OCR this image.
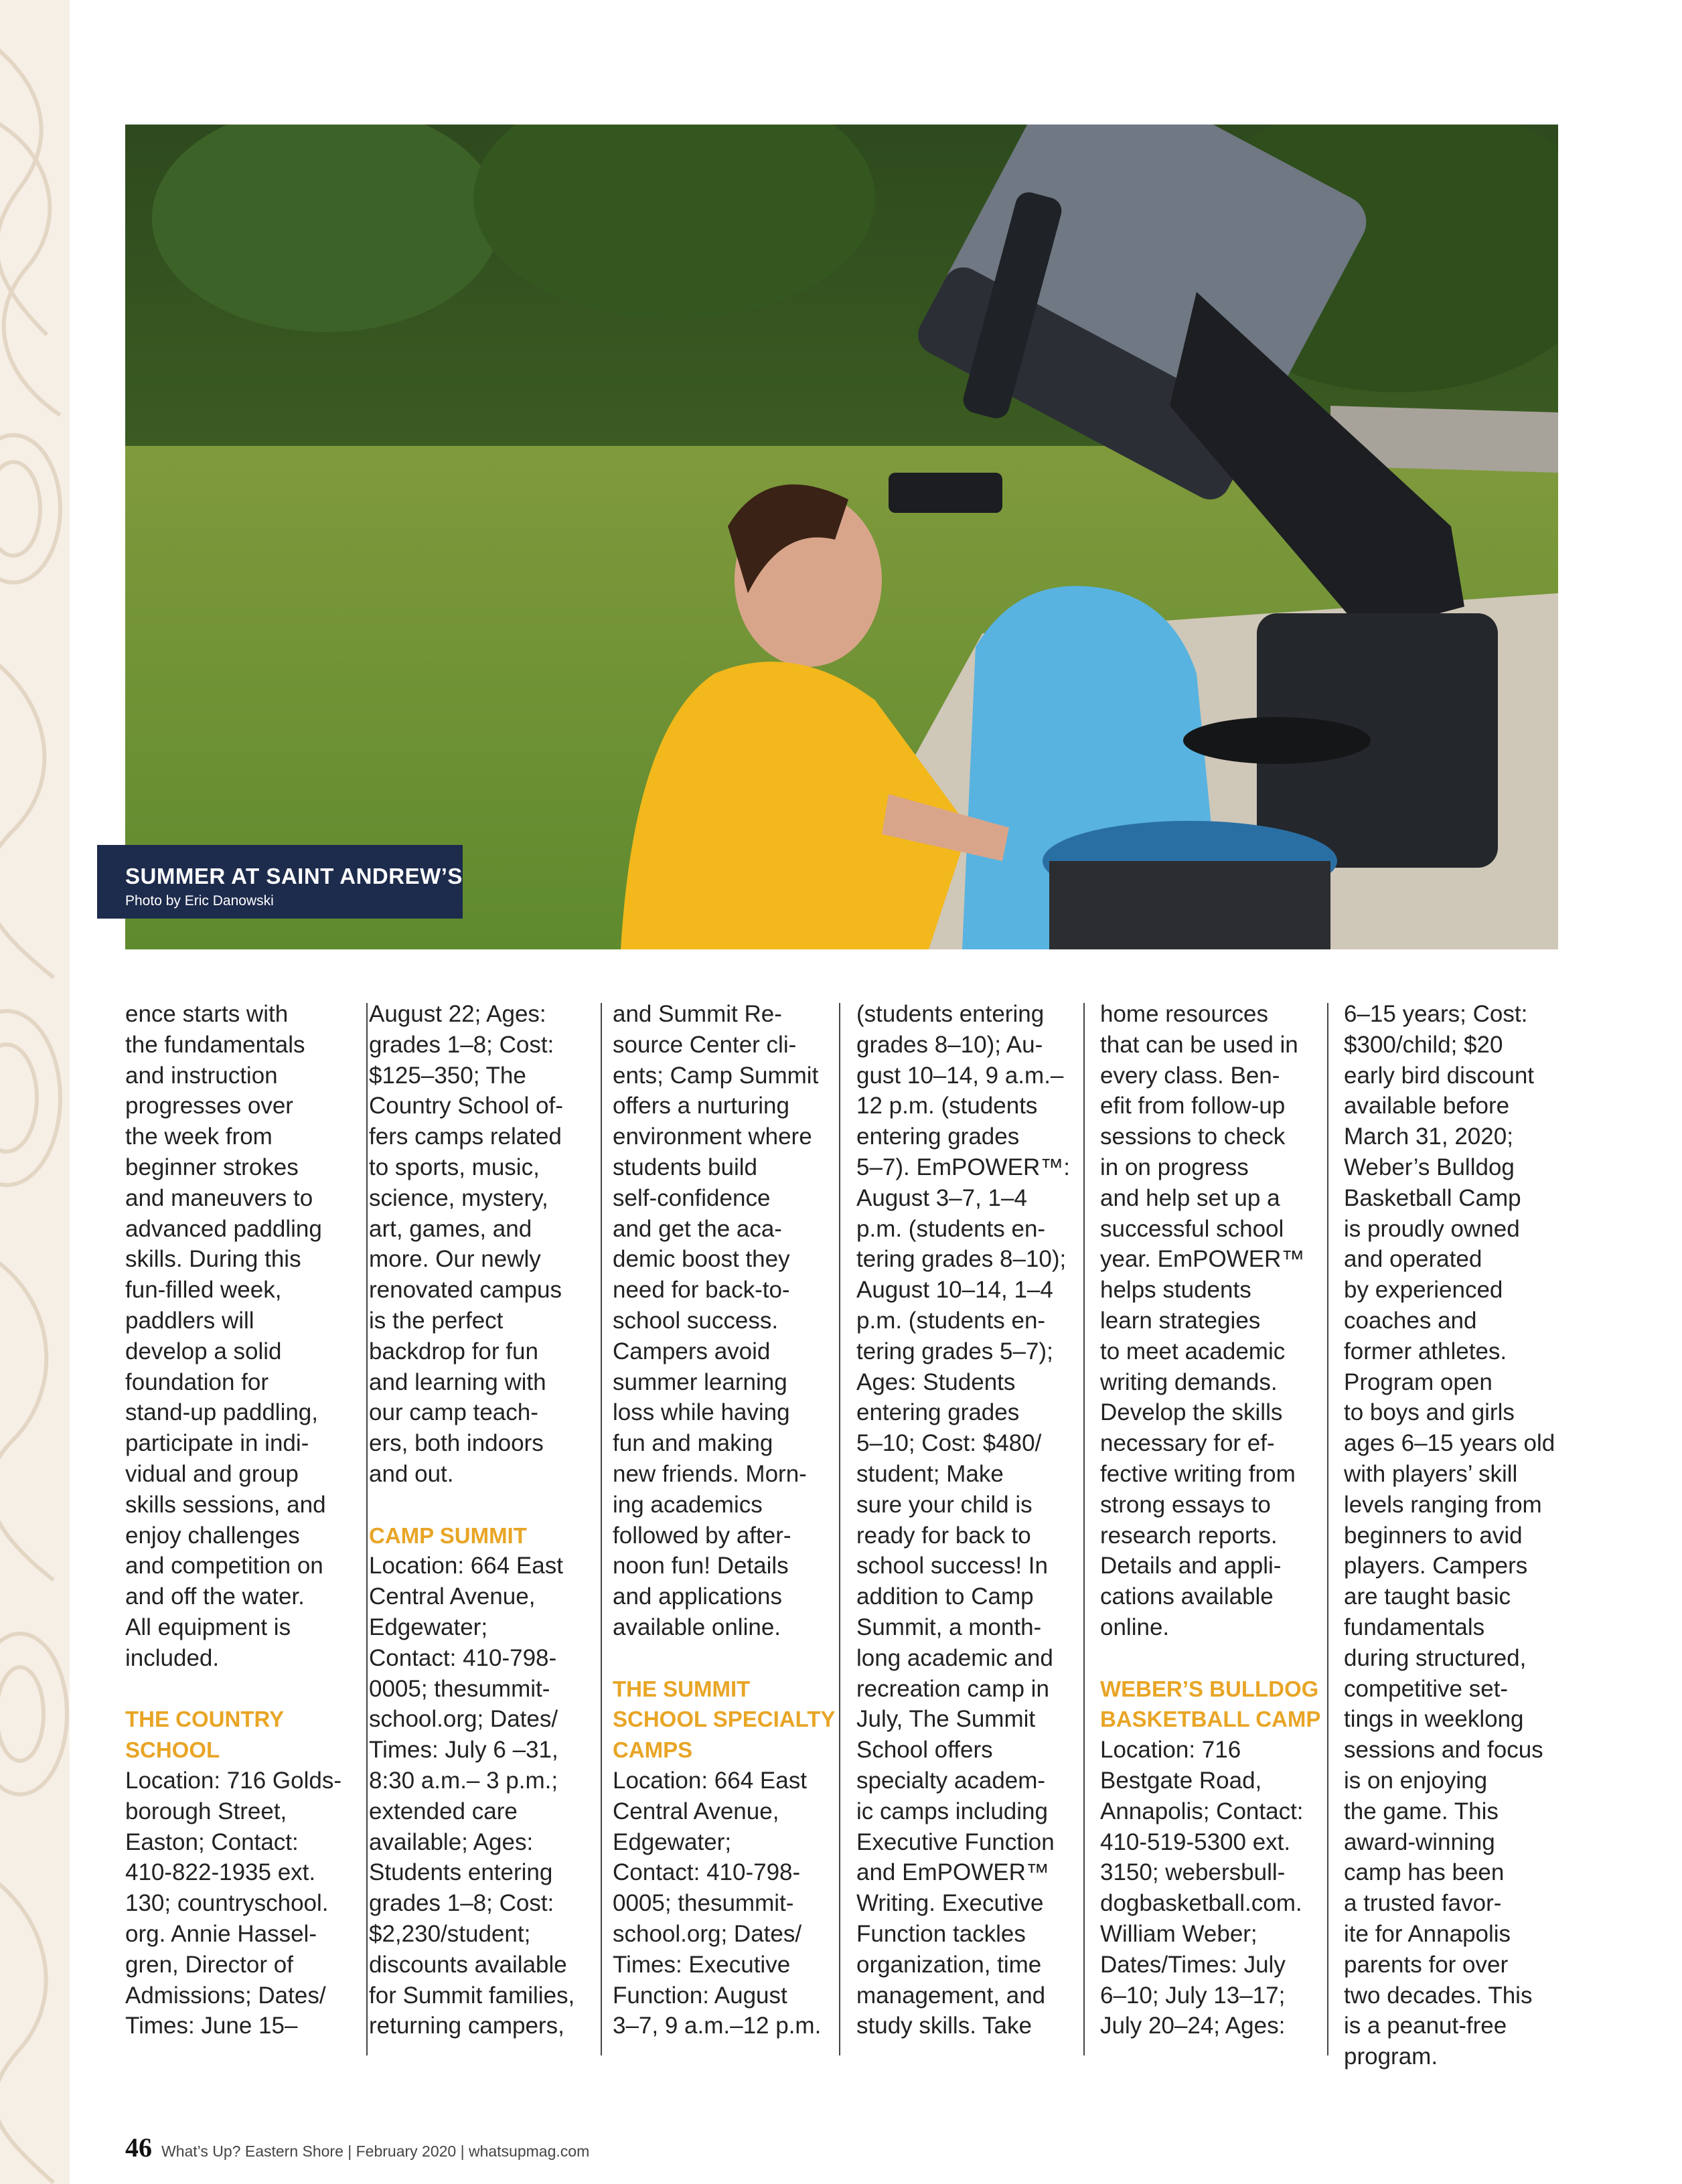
SUMMER AT SAINT ANDREW’S
Photo by Eric Danowski
ence starts with
the fundamentals
and instruction
progresses over
the week from
beginner strokes
and maneuvers to
advanced paddling
skills. During this
fun-filled week,
paddlers will
develop a solid
foundation for
stand-up paddling,
participate in indi-
vidual and group
skills sessions, and
enjoy challenges
and competition on
and off the water.
All equipment is
included.
THE COUNTRY
SCHOOL
Location: 716 Golds-
borough Street,
Easton; Contact:
410-822-1935 ext.
130; countryschool.
org. Annie Hassel-
gren, Director of
Admissions; Dates/
Times: June 15–
August 22; Ages:
grades 1–8; Cost:
$125–350; The
Country School of-
fers camps related
to sports, music,
science, mystery,
art, games, and
more. Our newly
renovated campus
is the perfect
backdrop for fun
and learning with
our camp teach-
ers, both indoors
and out.
CAMP SUMMIT
Location: 664 East
Central Avenue,
Edgewater;
Contact: 410-798-
0005; thesummit-
school.org; Dates/
Times: July 6 –31,
8:30 a.m.– 3 p.m.;
extended care
available; Ages:
Students entering
grades 1–8; Cost:
$2,230/student;
discounts available
for Summit families,
returning campers,
and Summit Re-
source Center cli-
ents; Camp Summit
offers a nurturing
environment where
students build
self-confidence
and get the aca-
demic boost they
need for back-to-
school success.
Campers avoid
summer learning
loss while having
fun and making
new friends. Morn-
ing academics
followed by after-
noon fun! Details
and applications
available online.
THE SUMMIT
SCHOOL SPECIALTY
CAMPS
Location: 664 East
Central Avenue,
Edgewater;
Contact: 410-798-
0005; thesummit-
school.org; Dates/
Times: Executive
Function: August
3–7, 9 a.m.–12 p.m.
(students entering
grades 8–10); Au-
gust 10–14, 9 a.m.–
12 p.m. (students
entering grades
5–7). EmPOWER™:
August 3–7, 1–4
p.m. (students en-
tering grades 8–10);
August 10–14, 1–4
p.m. (students en-
tering grades 5–7);
Ages: Students
entering grades
5–10; Cost: $480/
student; Make
sure your child is
ready for back to
school success! In
addition to Camp
Summit, a month-
long academic and
recreation camp in
July, The Summit
School offers
specialty academ-
ic camps including
Executive Function
and EmPOWER™
Writing. Executive
Function tackles
organization, time
management, and
study skills. Take
home resources
that can be used in
every class. Ben-
efit from follow-up
sessions to check
in on progress
and help set up a
successful school
year. EmPOWER™
helps students
learn strategies
to meet academic
writing demands.
Develop the skills
necessary for ef-
fective writing from
strong essays to
research reports.
Details and appli-
cations available
online.
WEBER’S BULLDOG
BASKETBALL CAMP
Location: 716
Bestgate Road,
Annapolis; Contact:
410-519-5300 ext.
3150; webersbull-
dogbasketball.com.
William Weber;
Dates/Times: July
6–10; July 13–17;
July 20–24; Ages:
6–15 years; Cost:
$300/child; $20
early bird discount
available before
March 31, 2020;
Weber’s Bulldog
Basketball Camp
is proudly owned
and operated
by experienced
coaches and
former athletes.
Program open
to boys and girls
ages 6–15 years old
with players’ skill
levels ranging from
beginners to avid
players. Campers
are taught basic
fundamentals
during structured,
competitive set-
tings in weeklong
sessions and focus
is on enjoying
the game. This
award-winning
camp has been
a trusted favor-
ite for Annapolis
parents for over
two decades. This
is a peanut-free
program.
46 What’s Up? Eastern Shore | February 2020 | whatsupmag.com
